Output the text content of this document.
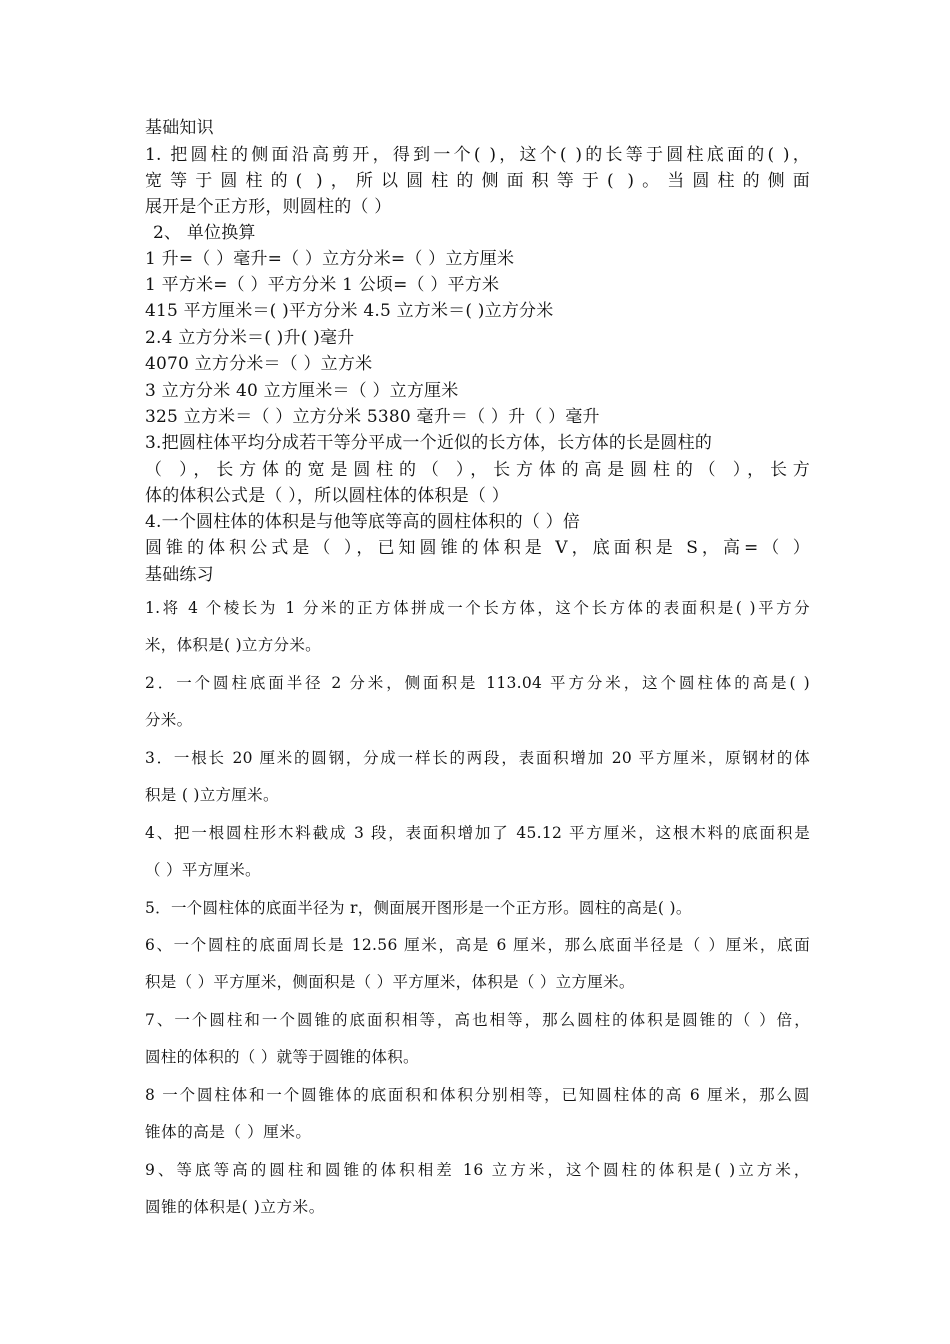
基础知识
1. 把圆柱的侧面沿高剪开，得到一个( )，这个( )的长等于圆柱底面的( )，
宽等于圆柱的( )，所以圆柱的侧面积等于( )。当圆柱的侧面
展开是个正方形，则圆柱的（ ）
2、 单位换算
1 升=（ ）毫升=（ ）立方分米=（ ）立方厘米
1 平方米=（ ）平方分米 1 公顷=（ ）平方米
415 平方厘米＝( )平方分米 4.5 立方米＝( )立方分米
2.4 立方分米＝( )升( )毫升
4070 立方分米＝（ ）立方米
3 立方分米 40 立方厘米＝（ ）立方厘米
325 立方米＝（ ）立方分米 5380 毫升＝（ ）升（ ）毫升
3.把圆柱体平均分成若干等分平成一个近似的长方体，长方体的长是圆柱的
（ ），长方体的宽是圆柱的（ ），长方体的高是圆柱的（ ），长方
体的体积公式是（ ），所以圆柱体的体积是（ ）
4.一个圆柱体的体积是与他等底等高的圆柱体积的（ ）倍
圆锥的体积公式是（ ），已知圆锥的体积是 V，底面积是 S，高=（ ）
基础练习
1.将 4 个棱长为 1 分米的正方体拼成一个长方体，这个长方体的表面积是( )平方分
米，体积是( )立方分米。
2．一个圆柱底面半径 2 分米，侧面积是 113.04 平方分米，这个圆柱体的高是( )
分米。
3．一根长 20 厘米的圆钢，分成一样长的两段，表面积增加 20 平方厘米，原钢材的体
积是 ( )立方厘米。
4、把一根圆柱形木料截成 3 段，表面积增加了 45.12 平方厘米，这根木料的底面积是
（ ）平方厘米。
5．一个圆柱体的底面半径为 r，侧面展开图形是一个正方形。圆柱的高是( )。
6、一个圆柱的底面周长是 12.56 厘米，高是 6 厘米，那么底面半径是（ ）厘米，底面
积是（ ）平方厘米，侧面积是（ ）平方厘米，体积是（ ）立方厘米。
7、一个圆柱和一个圆锥的底面积相等，高也相等，那么圆柱的体积是圆锥的（ ）倍，
圆柱的体积的（ ）就等于圆锥的体积。
8 一个圆柱体和一个圆锥体的底面积和体积分别相等，已知圆柱体的高 6 厘米，那么圆
锥体的高是（ ）厘米。
9、等底等高的圆柱和圆锥的体积相差 16 立方米，这个圆柱的体积是( )立方米，
圆锥的体积是( )立方米。
